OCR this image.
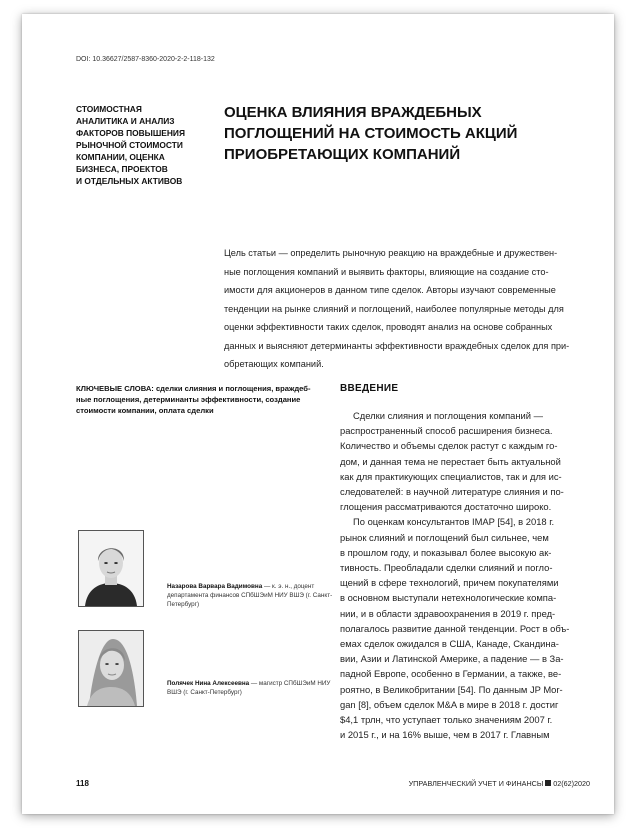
DOI: 10.36627/2587-8360-2020-2-2-118-132
СТОИМОСТНАЯ
АНАЛИТИКА И АНАЛИЗ
ФАКТОРОВ ПОВЫШЕНИЯ
РЫНОЧНОЙ СТОИМОСТИ
КОМПАНИИ, ОЦЕНКА
БИЗНЕСА, ПРОЕКТОВ
И ОТДЕЛЬНЫХ АКТИВОВ
ОЦЕНКА ВЛИЯНИЯ ВРАЖДЕБНЫХ
ПОГЛОЩЕНИЙ НА СТОИМОСТЬ АКЦИЙ
ПРИОБРЕТАЮЩИХ КОМПАНИЙ
Цель статьи — определить рыночную реакцию на враждебные и дружествен-
ные поглощения компаний и выявить факторы, влияющие на создание сто-
имости для акционеров в данном типе сделок. Авторы изучают современные
тенденции на рынке слияний и поглощений, наиболее популярные методы для
оценки эффективности таких сделок, проводят анализ на основе собранных
данных и выясняют детерминанты эффективности враждебных сделок для при-
обретающих компаний.
КЛЮЧЕВЫЕ СЛОВА: сделки слияния и поглощения, враждеб-
ные поглощения, детерминанты эффективности, создание
стоимости компании, оплата сделки
ВВЕДЕНИЕ
Сделки слияния и поглощения компаний —
распространенный способ расширения бизнеса.
Количество и объемы сделок растут с каждым го-
дом, и данная тема не перестает быть актуальной
как для практикующих специалистов, так и для ис-
следователей: в научной литературе слияния и по-
глощения рассматриваются достаточно широко.
По оценкам консультантов IMAP [54], в 2018 г.
рынок слияний и поглощений был сильнее, чем
в прошлом году, и показывал более высокую ак-
тивность. Преобладали сделки слияний и погло-
щений в сфере технологий, причем покупателями
в основном выступали нетехнологические компа-
нии, и в области здравоохранения в 2019 г. пред-
полагалось развитие данной тенденции. Рост в объ-
емах сделок ожидался в США, Канаде, Скандина-
вии, Азии и Латинской Америке, а падение — в За-
падной Европе, особенно в Германии, а также, ве-
роятно, в Великобритании [54]. По данным JP Mor-
gan [8], объем сделок M&A в мире в 2018 г. достиг
$4,1 трлн, что уступает только значениям 2007 г.
и 2015 г., и на 16% выше, чем в 2017 г. Главным
Назарова Варвара Вадимовна — к. э. н., доцент
департамента финансов СПбШЭиМ НИУ ВШЭ (г. Санкт-
Петербург)
Полячек Нина Алексеевна — магистр СПбШЭиМ НИУ
ВШЭ (г. Санкт-Петербург)
118	УПРАВЛЕНЧЕСКИЙ УЧЕТ И ФИНАНСЫ 02(62)2020
